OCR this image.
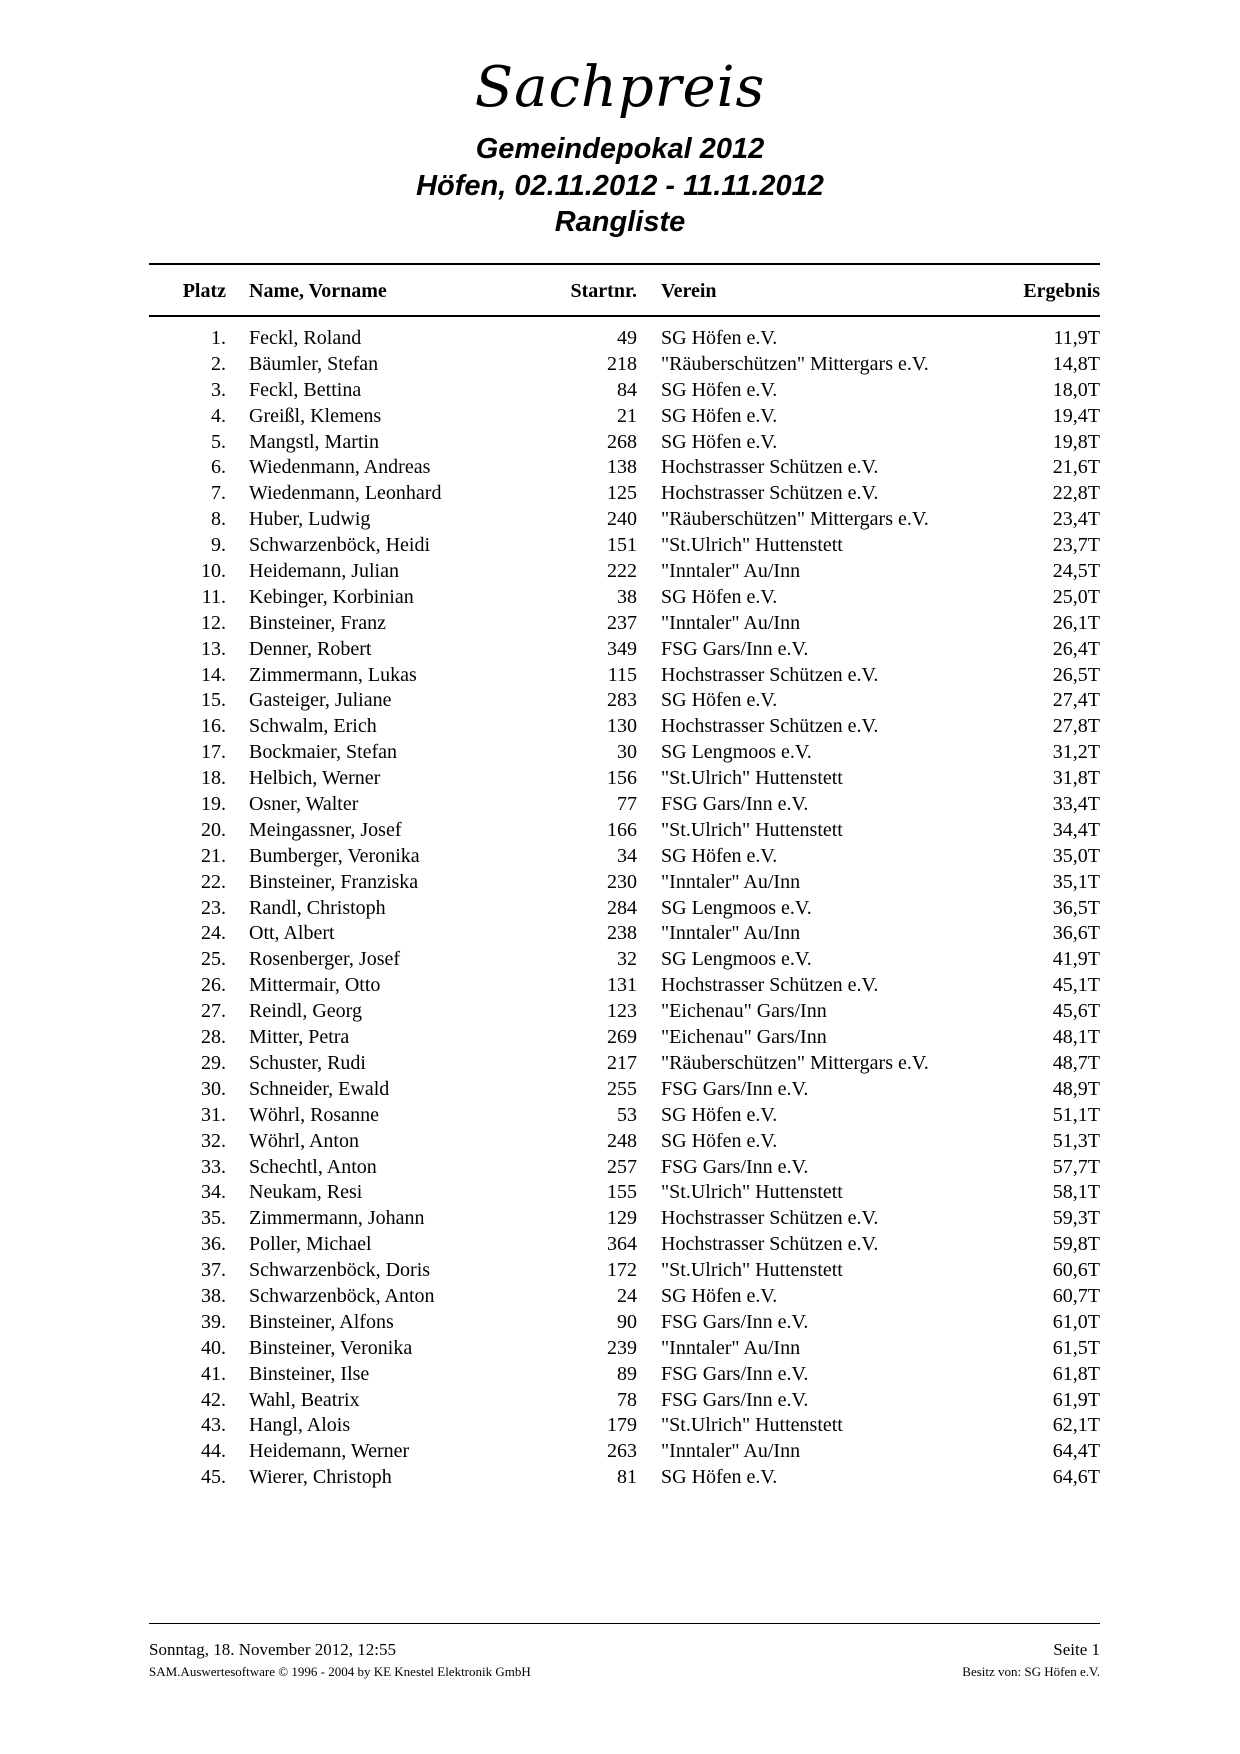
Sachpreis
Gemeindepokal 2012
Höfen, 02.11.2012 - 11.11.2012
Rangliste
Platz Name, Vorname	Startnr. Verein	Ergebnis
1. Feckl, Roland	49 SG Höfen e.V.	11,9T
2. Bäumler, Stefan	218 "Räuberschützen" Mittergars e.V.	14,8T
3. Feckl, Bettina	84 SG Höfen e.V.	18,0T
4. Greißl, Klemens	21 SG Höfen e.V.	19,4T
5. Mangstl, Martin	268 SG Höfen e.V.	19,8T
6. Wiedenmann, Andreas	138 Hochstrasser Schützen e.V.	21,6T
7. Wiedenmann, Leonhard	125 Hochstrasser Schützen e.V.	22,8T
8. Huber, Ludwig	240 "Räuberschützen" Mittergars e.V.	23,4T
9. Schwarzenböck, Heidi	151 "St.Ulrich" Huttenstett	23,7T
10. Heidemann, Julian	222 "Inntaler" Au/Inn	24,5T
11. Kebinger, Korbinian	38 SG Höfen e.V.	25,0T
12. Binsteiner, Franz	237 "Inntaler" Au/Inn	26,1T
13. Denner, Robert	349 FSG Gars/Inn e.V.	26,4T
14. Zimmermann, Lukas	115 Hochstrasser Schützen e.V.	26,5T
15. Gasteiger, Juliane	283 SG Höfen e.V.	27,4T
16. Schwalm, Erich	130 Hochstrasser Schützen e.V.	27,8T
17. Bockmaier, Stefan	30 SG Lengmoos e.V.	31,2T
18. Helbich, Werner	156 "St.Ulrich" Huttenstett	31,8T
19. Osner, Walter	77 FSG Gars/Inn e.V.	33,4T
20. Meingassner, Josef	166 "St.Ulrich" Huttenstett	34,4T
21. Bumberger, Veronika	34 SG Höfen e.V.	35,0T
22. Binsteiner, Franziska	230 "Inntaler" Au/Inn	35,1T
23. Randl, Christoph	284 SG Lengmoos e.V.	36,5T
24. Ott, Albert	238 "Inntaler" Au/Inn	36,6T
25. Rosenberger, Josef	32 SG Lengmoos e.V.	41,9T
26. Mittermair, Otto	131 Hochstrasser Schützen e.V.	45,1T
27. Reindl, Georg	123 "Eichenau" Gars/Inn	45,6T
28. Mitter, Petra	269 "Eichenau" Gars/Inn	48,1T
29. Schuster, Rudi	217 "Räuberschützen" Mittergars e.V.	48,7T
30. Schneider, Ewald	255 FSG Gars/Inn e.V.	48,9T
31. Wöhrl, Rosanne	53 SG Höfen e.V.	51,1T
32. Wöhrl, Anton	248 SG Höfen e.V.	51,3T
33. Schechtl, Anton	257 FSG Gars/Inn e.V.	57,7T
34. Neukam, Resi	155 "St.Ulrich" Huttenstett	58,1T
35. Zimmermann, Johann	129 Hochstrasser Schützen e.V.	59,3T
36. Poller, Michael	364 Hochstrasser Schützen e.V.	59,8T
37. Schwarzenböck, Doris	172 "St.Ulrich" Huttenstett	60,6T
38. Schwarzenböck, Anton	24 SG Höfen e.V.	60,7T
39. Binsteiner, Alfons	90 FSG Gars/Inn e.V.	61,0T
40. Binsteiner, Veronika	239 "Inntaler" Au/Inn	61,5T
41. Binsteiner, Ilse	89 FSG Gars/Inn e.V.	61,8T
42. Wahl, Beatrix	78 FSG Gars/Inn e.V.	61,9T
43. Hangl, Alois	179 "St.Ulrich" Huttenstett	62,1T
44. Heidemann, Werner	263 "Inntaler" Au/Inn	64,4T
45. Wierer, Christoph	81 SG Höfen e.V.	64,6T
Sonntag, 18. November 2012, 12:55	Seite 1
SAM.Auswertesoftware © 1996 - 2004 by KE Knestel Elektronik GmbH	Besitz von: SG Höfen e.V.
